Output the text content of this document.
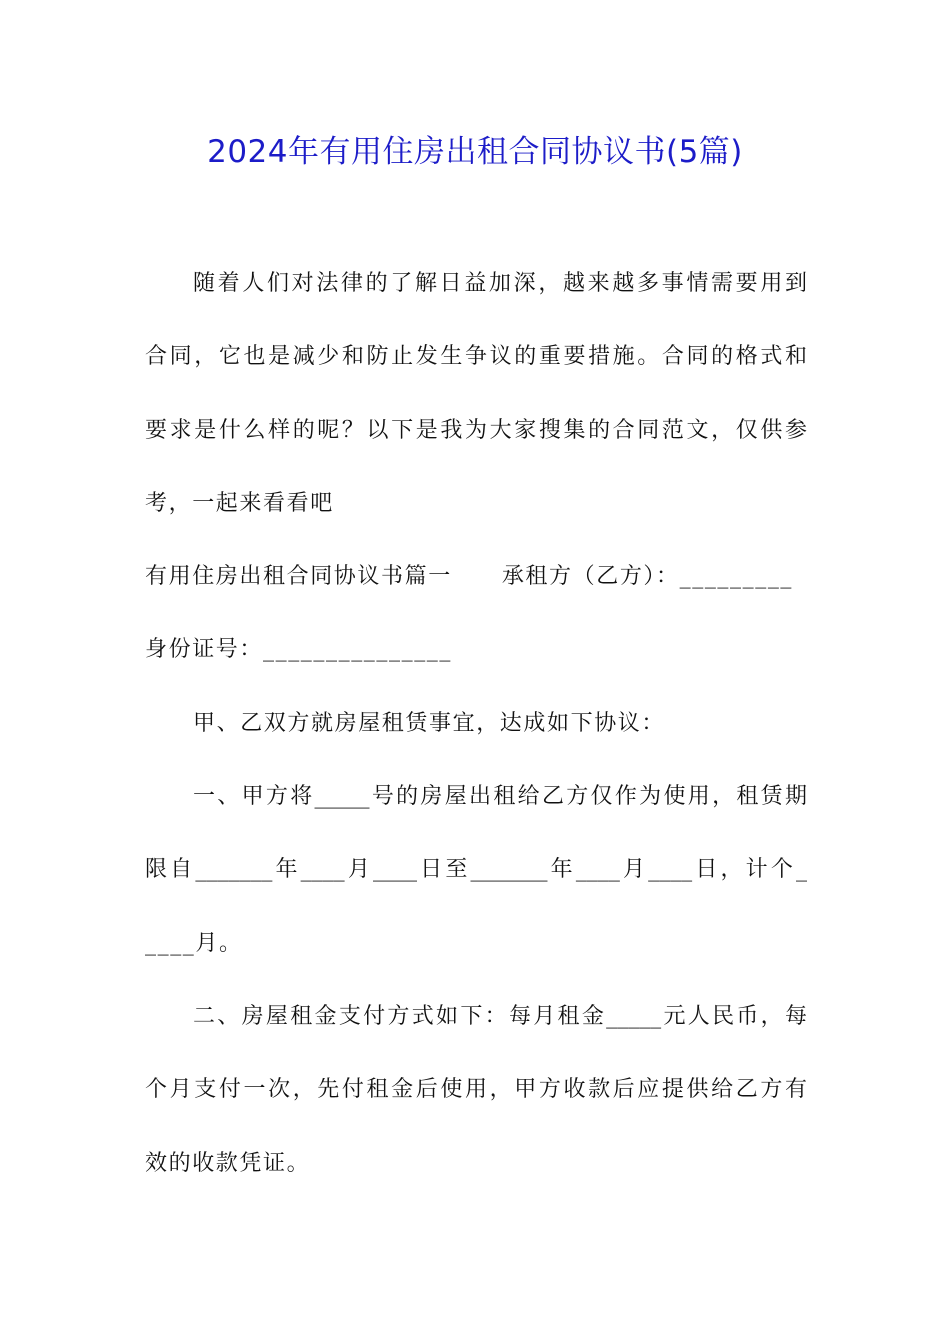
2024年有用住房出租合同协议书(5篇)
随着人们对法律的了解日益加深，越来越多事情需要用到
合同，它也是减少和防止发生争议的重要措施。合同的格式和
要求是什么样的呢？以下是我为大家搜集的合同范文，仅供参
考，一起来看看吧
有用住房出租合同协议书篇一 承租方（乙方）：_________
身份证号：_______________
甲、乙双方就房屋租赁事宜，达成如下协议：
一、甲方将_____号的房屋出租给乙方仅作为使用，租赁期
限自_______年____月____日至_______年____月____日，计个_
____月。
二、房屋租金支付方式如下：每月租金_____元人民币，每
个月支付一次，先付租金后使用，甲方收款后应提供给乙方有
效的收款凭证。
